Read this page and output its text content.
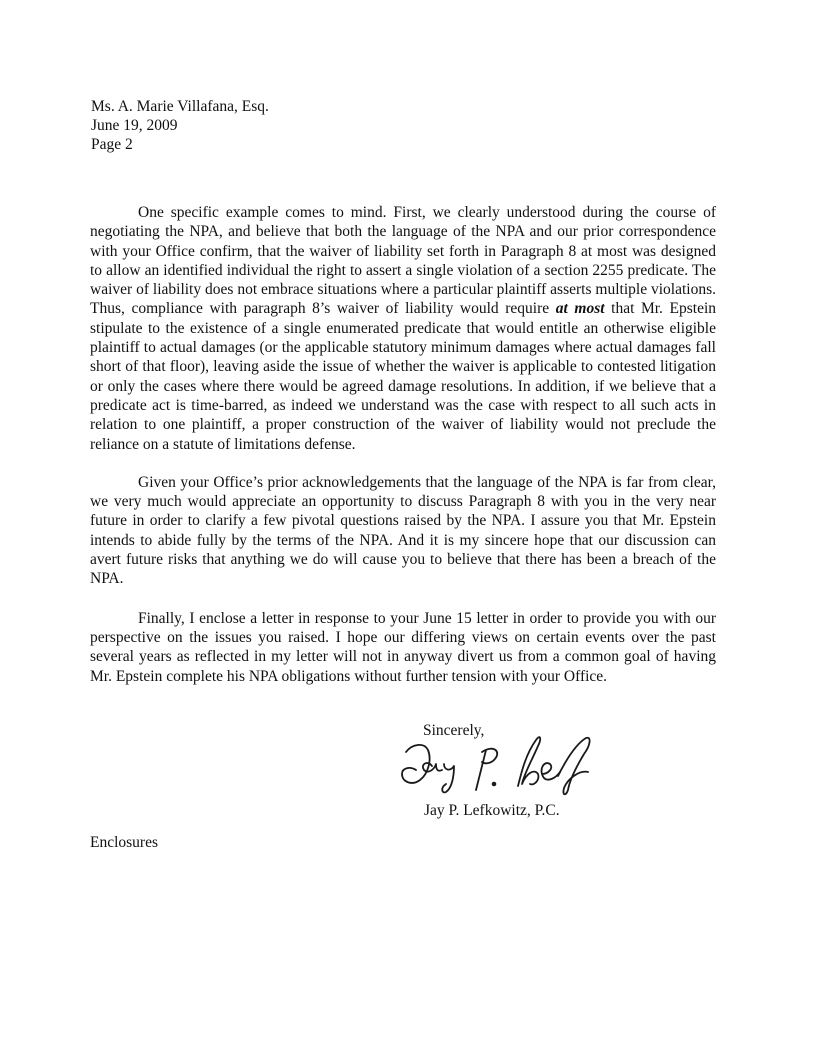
Ms. A. Marie Villafana, Esq.
June 19, 2009
Page 2

One specific example comes to mind. First, we clearly understood during the course of negotiating the NPA, and believe that both the language of the NPA and our prior correspondence with your Office confirm, that the waiver of liability set forth in Paragraph 8 at most was designed to allow an identified individual the right to assert a single violation of a section 2255 predicate. The waiver of liability does not embrace situations where a particular plaintiff asserts multiple violations. Thus, compliance with paragraph 8’s waiver of liability would require at most that Mr. Epstein stipulate to the existence of a single enumerated predicate that would entitle an otherwise eligible plaintiff to actual damages (or the applicable statutory minimum damages where actual damages fall short of that floor), leaving aside the issue of whether the waiver is applicable to contested litigation or only the cases where there would be agreed damage resolutions. In addition, if we believe that a predicate act is time-barred, as indeed we understand was the case with respect to all such acts in relation to one plaintiff, a proper construction of the waiver of liability would not preclude the reliance on a statute of limitations defense.

Given your Office’s prior acknowledgements that the language of the NPA is far from clear, we very much would appreciate an opportunity to discuss Paragraph 8 with you in the very near future in order to clarify a few pivotal questions raised by the NPA. I assure you that Mr. Epstein intends to abide fully by the terms of the NPA. And it is my sincere hope that our discussion can avert future risks that anything we do will cause you to believe that there has been a breach of the NPA.

Finally, I enclose a letter in response to your June 15 letter in order to provide you with our perspective on the issues you raised. I hope our differing views on certain events over the past several years as reflected in my letter will not in anyway divert us from a common goal of having Mr. Epstein complete his NPA obligations without further tension with your Office.

Sincerely,
Jay P. Lefkowitz, P.C.
Enclosures
